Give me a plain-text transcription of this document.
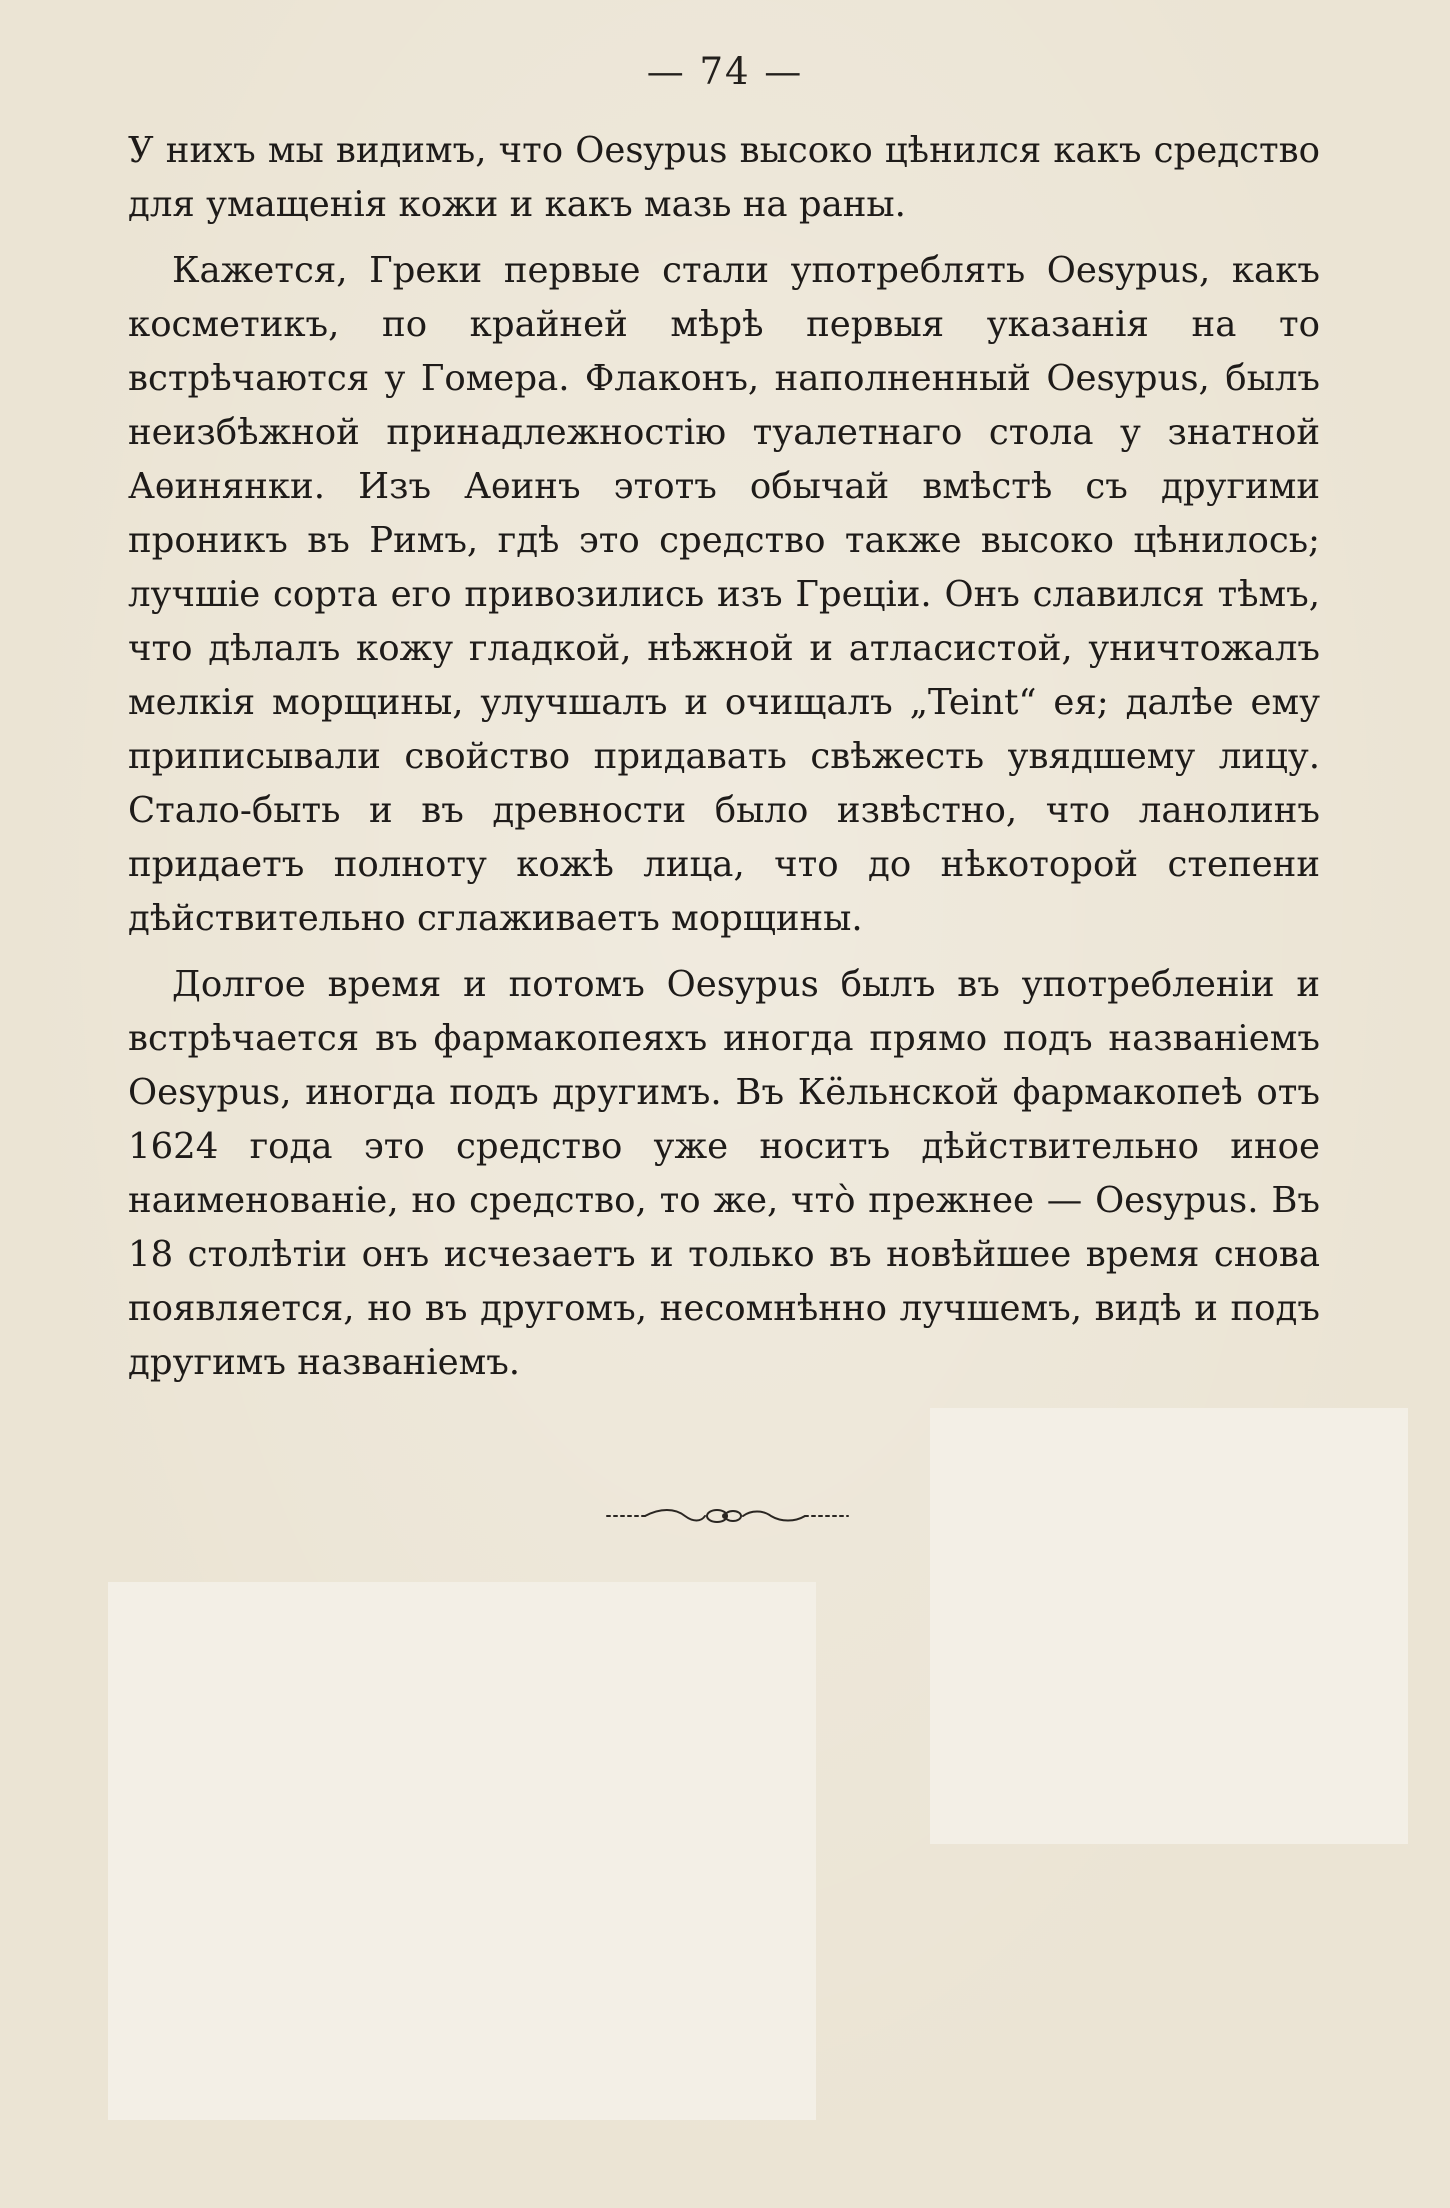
— 74 —

У нихъ мы видимъ, что Oesypus высоко цѣнился какъ средство для умащенія кожи и какъ мазь на раны.

Кажется, Греки первые стали употреблять Oesypus, какъ косметикъ, по крайней мѣрѣ первыя указанія на то встрѣчаются у Гомера. Флаконъ, наполненный Oesypus, былъ неизбѣжной принадлежностію туалетнаго стола у знатной Аѳинянки. Изъ Аѳинъ этотъ обычай вмѣстѣ съ другими проникъ въ Римъ, гдѣ это средство также высоко цѣнилось; лучшіе сорта его привозились изъ Греціи. Онъ славился тѣмъ, что дѣлалъ кожу гладкой, нѣжной и атласистой, уничтожалъ мелкія морщины, улучшалъ и очищалъ „Teint“ ея; далѣе ему приписывали свойство придавать свѣжесть увядшему лицу. Стало-быть и въ древности было извѣстно, что ланолинъ придаетъ полноту кожѣ лица, что до нѣкоторой степени дѣйствительно сглаживаетъ морщины.

Долгое время и потомъ Oesypus былъ въ употребленіи и встрѣчается въ фармакопеяхъ иногда прямо подъ названіемъ Oesypus, иногда подъ другимъ. Въ Кёльнской фармакопеѣ отъ 1624 года это средство уже носитъ дѣйствительно иное наименованіе, но средство, то же, что̀ прежнее — Oesypus. Въ 18 столѣтіи онъ исчезаетъ и только въ новѣйшее время снова появляется, но въ другомъ, несомнѣнно лучшемъ, видѣ и подъ другимъ названіемъ.
